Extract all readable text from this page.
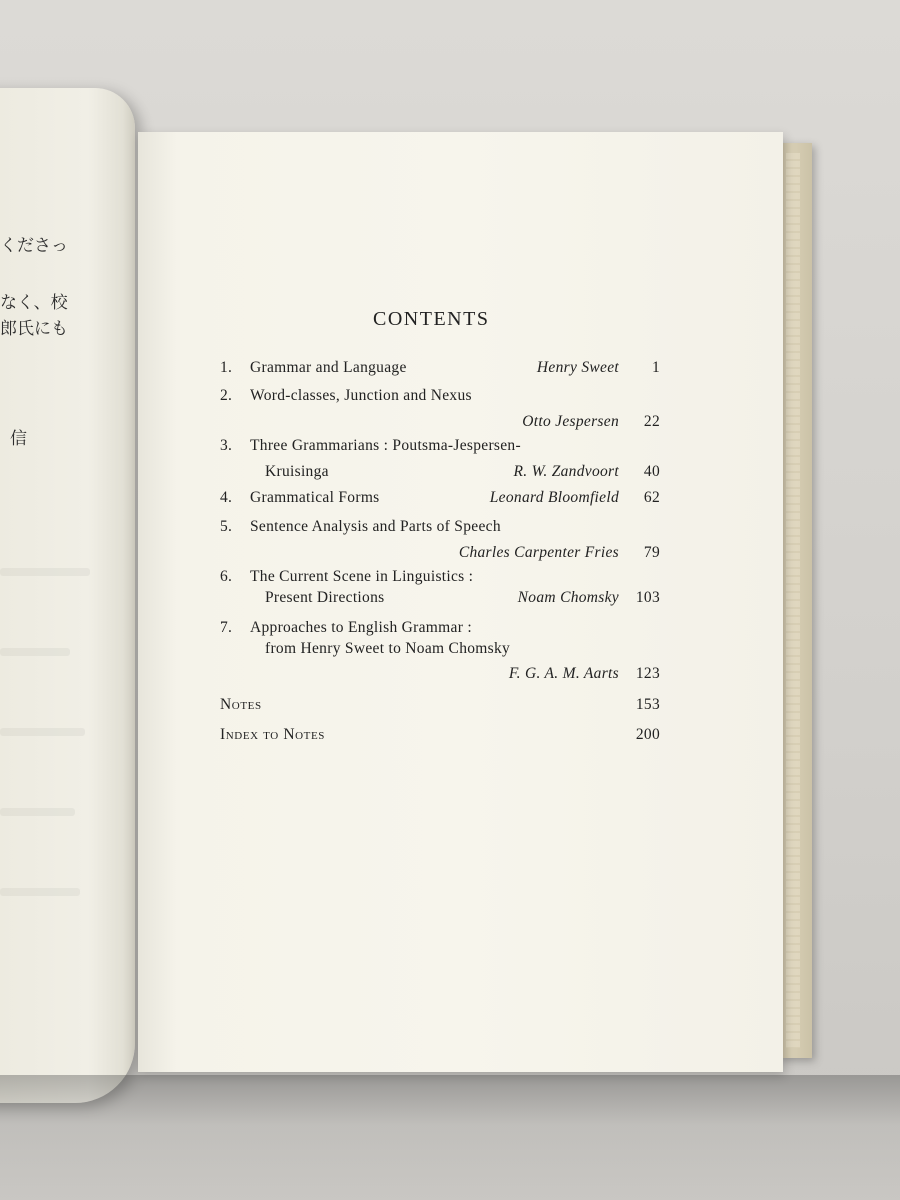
くださっ
なく、校
郎氏にも
信
CONTENTS
1. Grammar and Language	Henry Sweet 1
2. Word-classes, Junction and Nexus
Otto Jespersen 22
3. Three Grammarians : Poutsma-Jespersen-
Kruisinga	R. W. Zandvoort 40
4. Grammatical Forms	Leonard Bloomfield 62
5. Sentence Analysis and Parts of Speech
Charles Carpenter Fries 79
6. The Current Scene in Linguistics :
Present Directions	Noam Chomsky 103
7. Approaches to English Grammar :
from Henry Sweet to Noam Chomsky
F. G. A. M. Aarts 123
Notes	153
Index to Notes	200
